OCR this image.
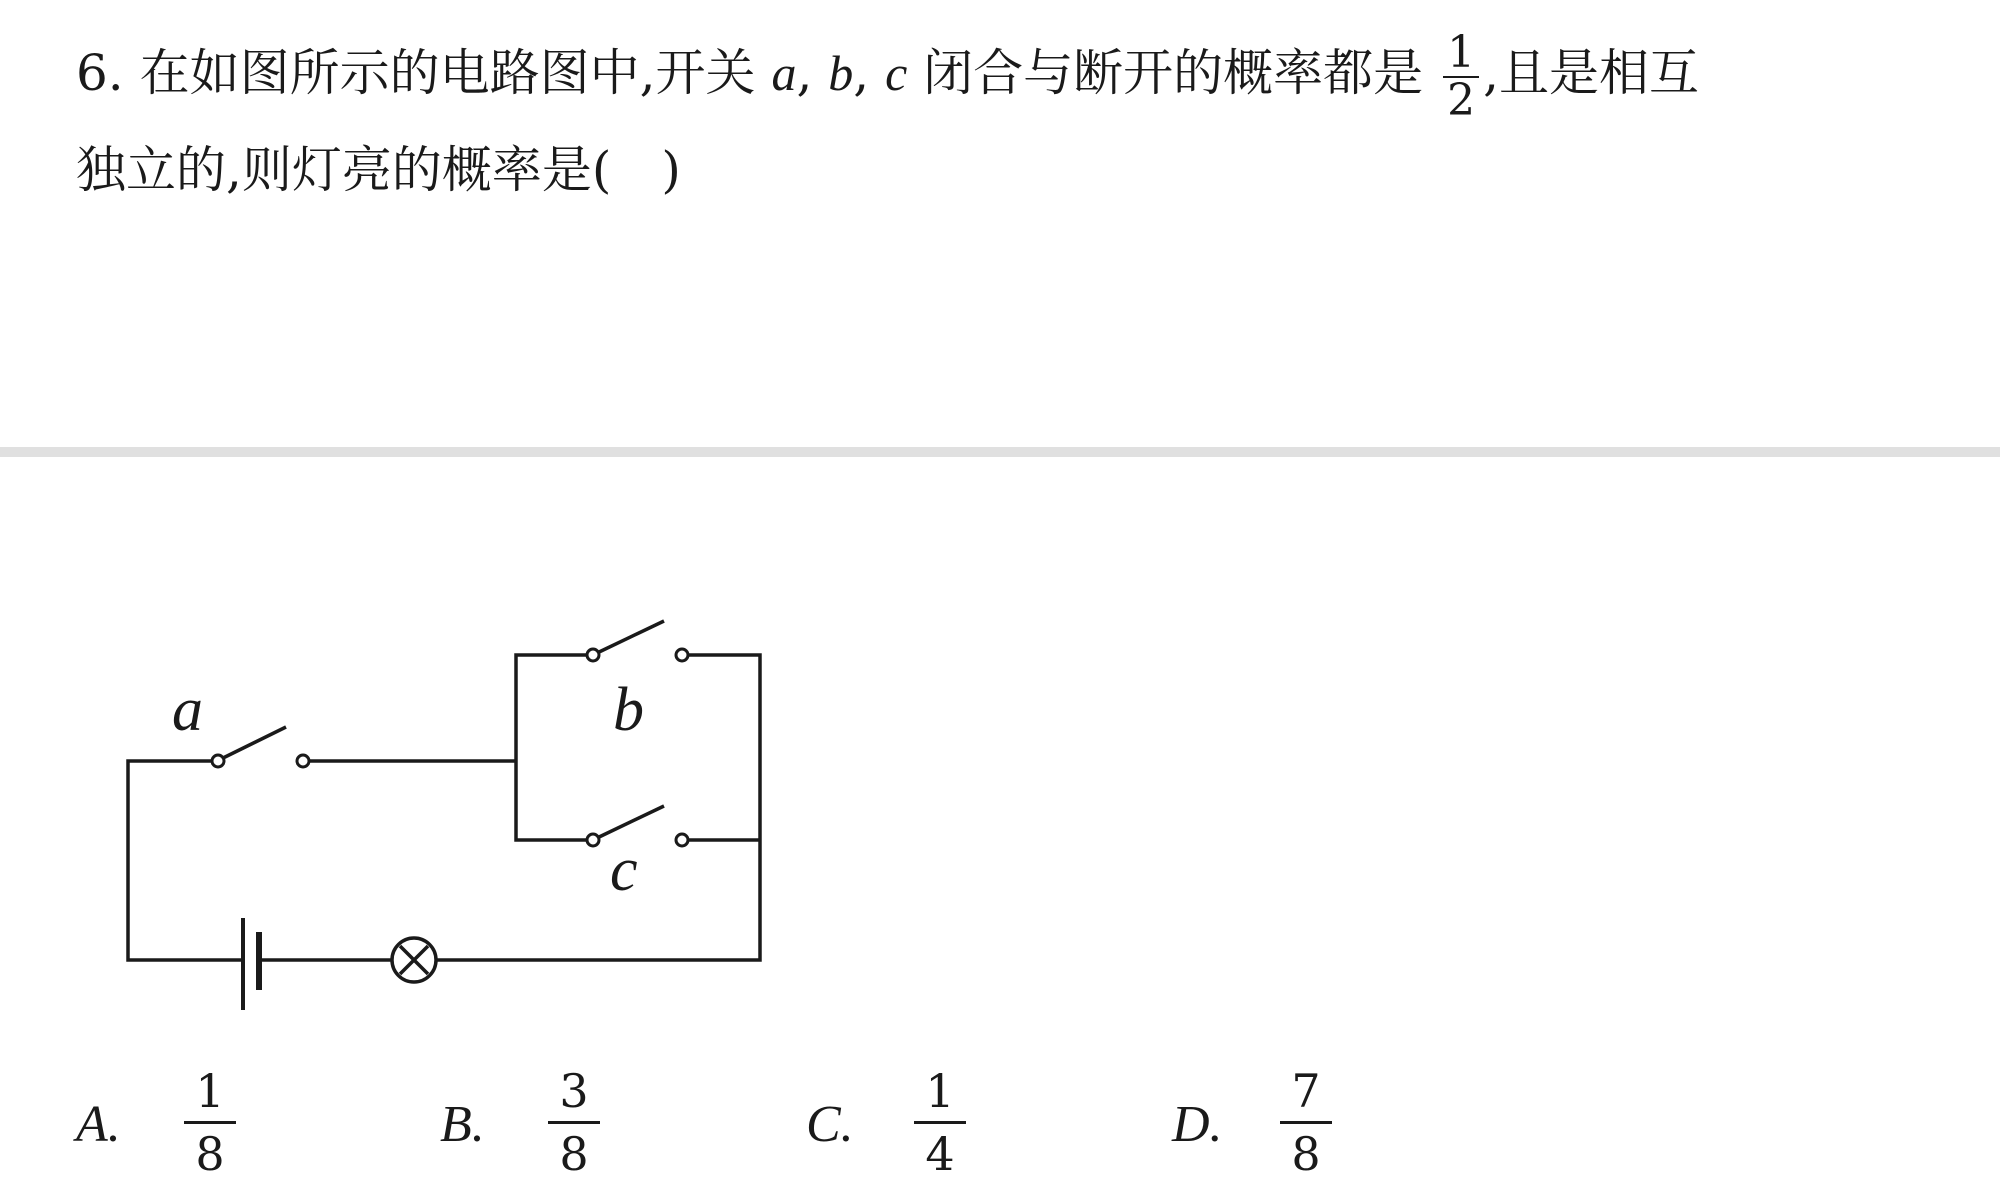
6. 在如图所示的电路图中,开关 a, b, c 闭合与断开的概率都是 $\frac{1}{2}$ ,且是相互
独立的,则灯亮的概率是(　)
a	b
c
A.
1
8
B.
3
8
C.
1
4
D.
7
8
